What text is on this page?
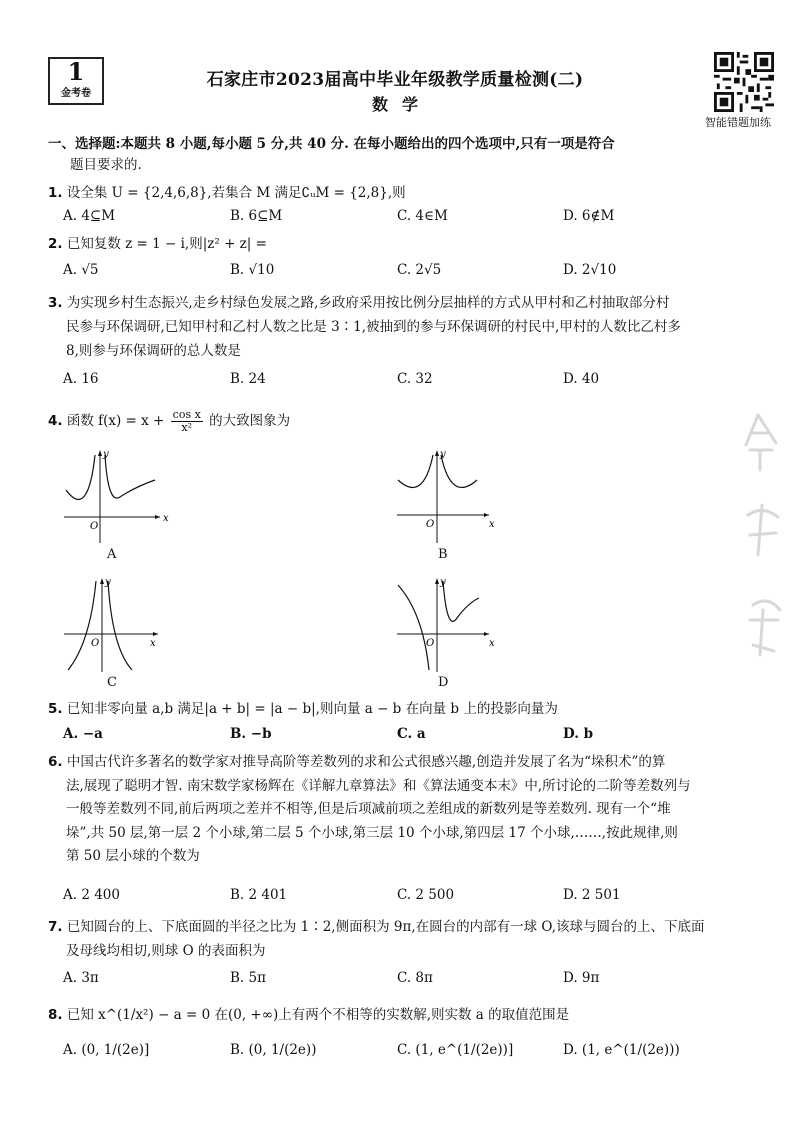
1
金考卷
石家庄市2023届高中毕业年级教学质量检测(二)
数学
智能错题加练
一、选择题:本题共 8 小题,每小题 5 分,共 40 分. 在每小题给出的四个选项中,只有一项是符合
题目要求的.
1. 设全集 U = {2,4,6,8},若集合 M 满足∁ᵤM = {2,8},则
A. 4⊆M	B. 6⊆M	C. 4∈M	D. 6∉M
2. 已知复数 z = 1 − i,则|z² + z| =
A. √5	B. √10	C. 2√5	D. 2√10
3. 为实现乡村生态振兴,走乡村绿色发展之路,乡政府采用按比例分层抽样的方式从甲村和乙村抽取部分村
民参与环保调研,已知甲村和乙村人数之比是 3∶1,被抽到的参与环保调研的村民中,甲村的人数比乙村多
8,则参与环保调研的总人数是
A. 16	B. 24	C. 32	D. 40
4. 函数 $f(x) = x + \frac{\text{cos x}}{\text{x²}}$ 的大致图象为
x
y
O
A
x
y
O
B
x
y
O
C
x
y
O
D
5. 已知非零向量 a,b 满足|a + b| = |a − b|,则向量 a − b 在向量 b 上的投影向量为
A. −a	B. −b	C. a	D. b
6. 中国古代许多著名的数学家对推导高阶等差数列的求和公式很感兴趣,创造并发展了名为“垛积术”的算
法,展现了聪明才智. 南宋数学家杨辉在《详解九章算法》和《算法通变本末》中,所讨论的二阶等差数列与
一般等差数列不同,前后两项之差并不相等,但是后项减前项之差组成的新数列是等差数列. 现有一个“堆
垛”,共 50 层,第一层 2 个小球,第二层 5 个小球,第三层 10 个小球,第四层 17 个小球,……,按此规律,则
第 50 层小球的个数为
A. 2 400	B. 2 401	C. 2 500	D. 2 501
7. 已知圆台的上、下底面圆的半径之比为 1∶2,侧面积为 9π,在圆台的内部有一球 O,该球与圆台的上、下底面
及母线均相切,则球 O 的表面积为
A. 3π	B. 5π	C. 8π	D. 9π
8. 已知 x^(1/x²) − a = 0 在(0, +∞)上有两个不相等的实数解,则实数 a 的取值范围是
A. (0, 1/(2e)]	B. (0, 1/(2e))	C. (1, e^(1/(2e))]	D. (1, e^(1/(2e)))
